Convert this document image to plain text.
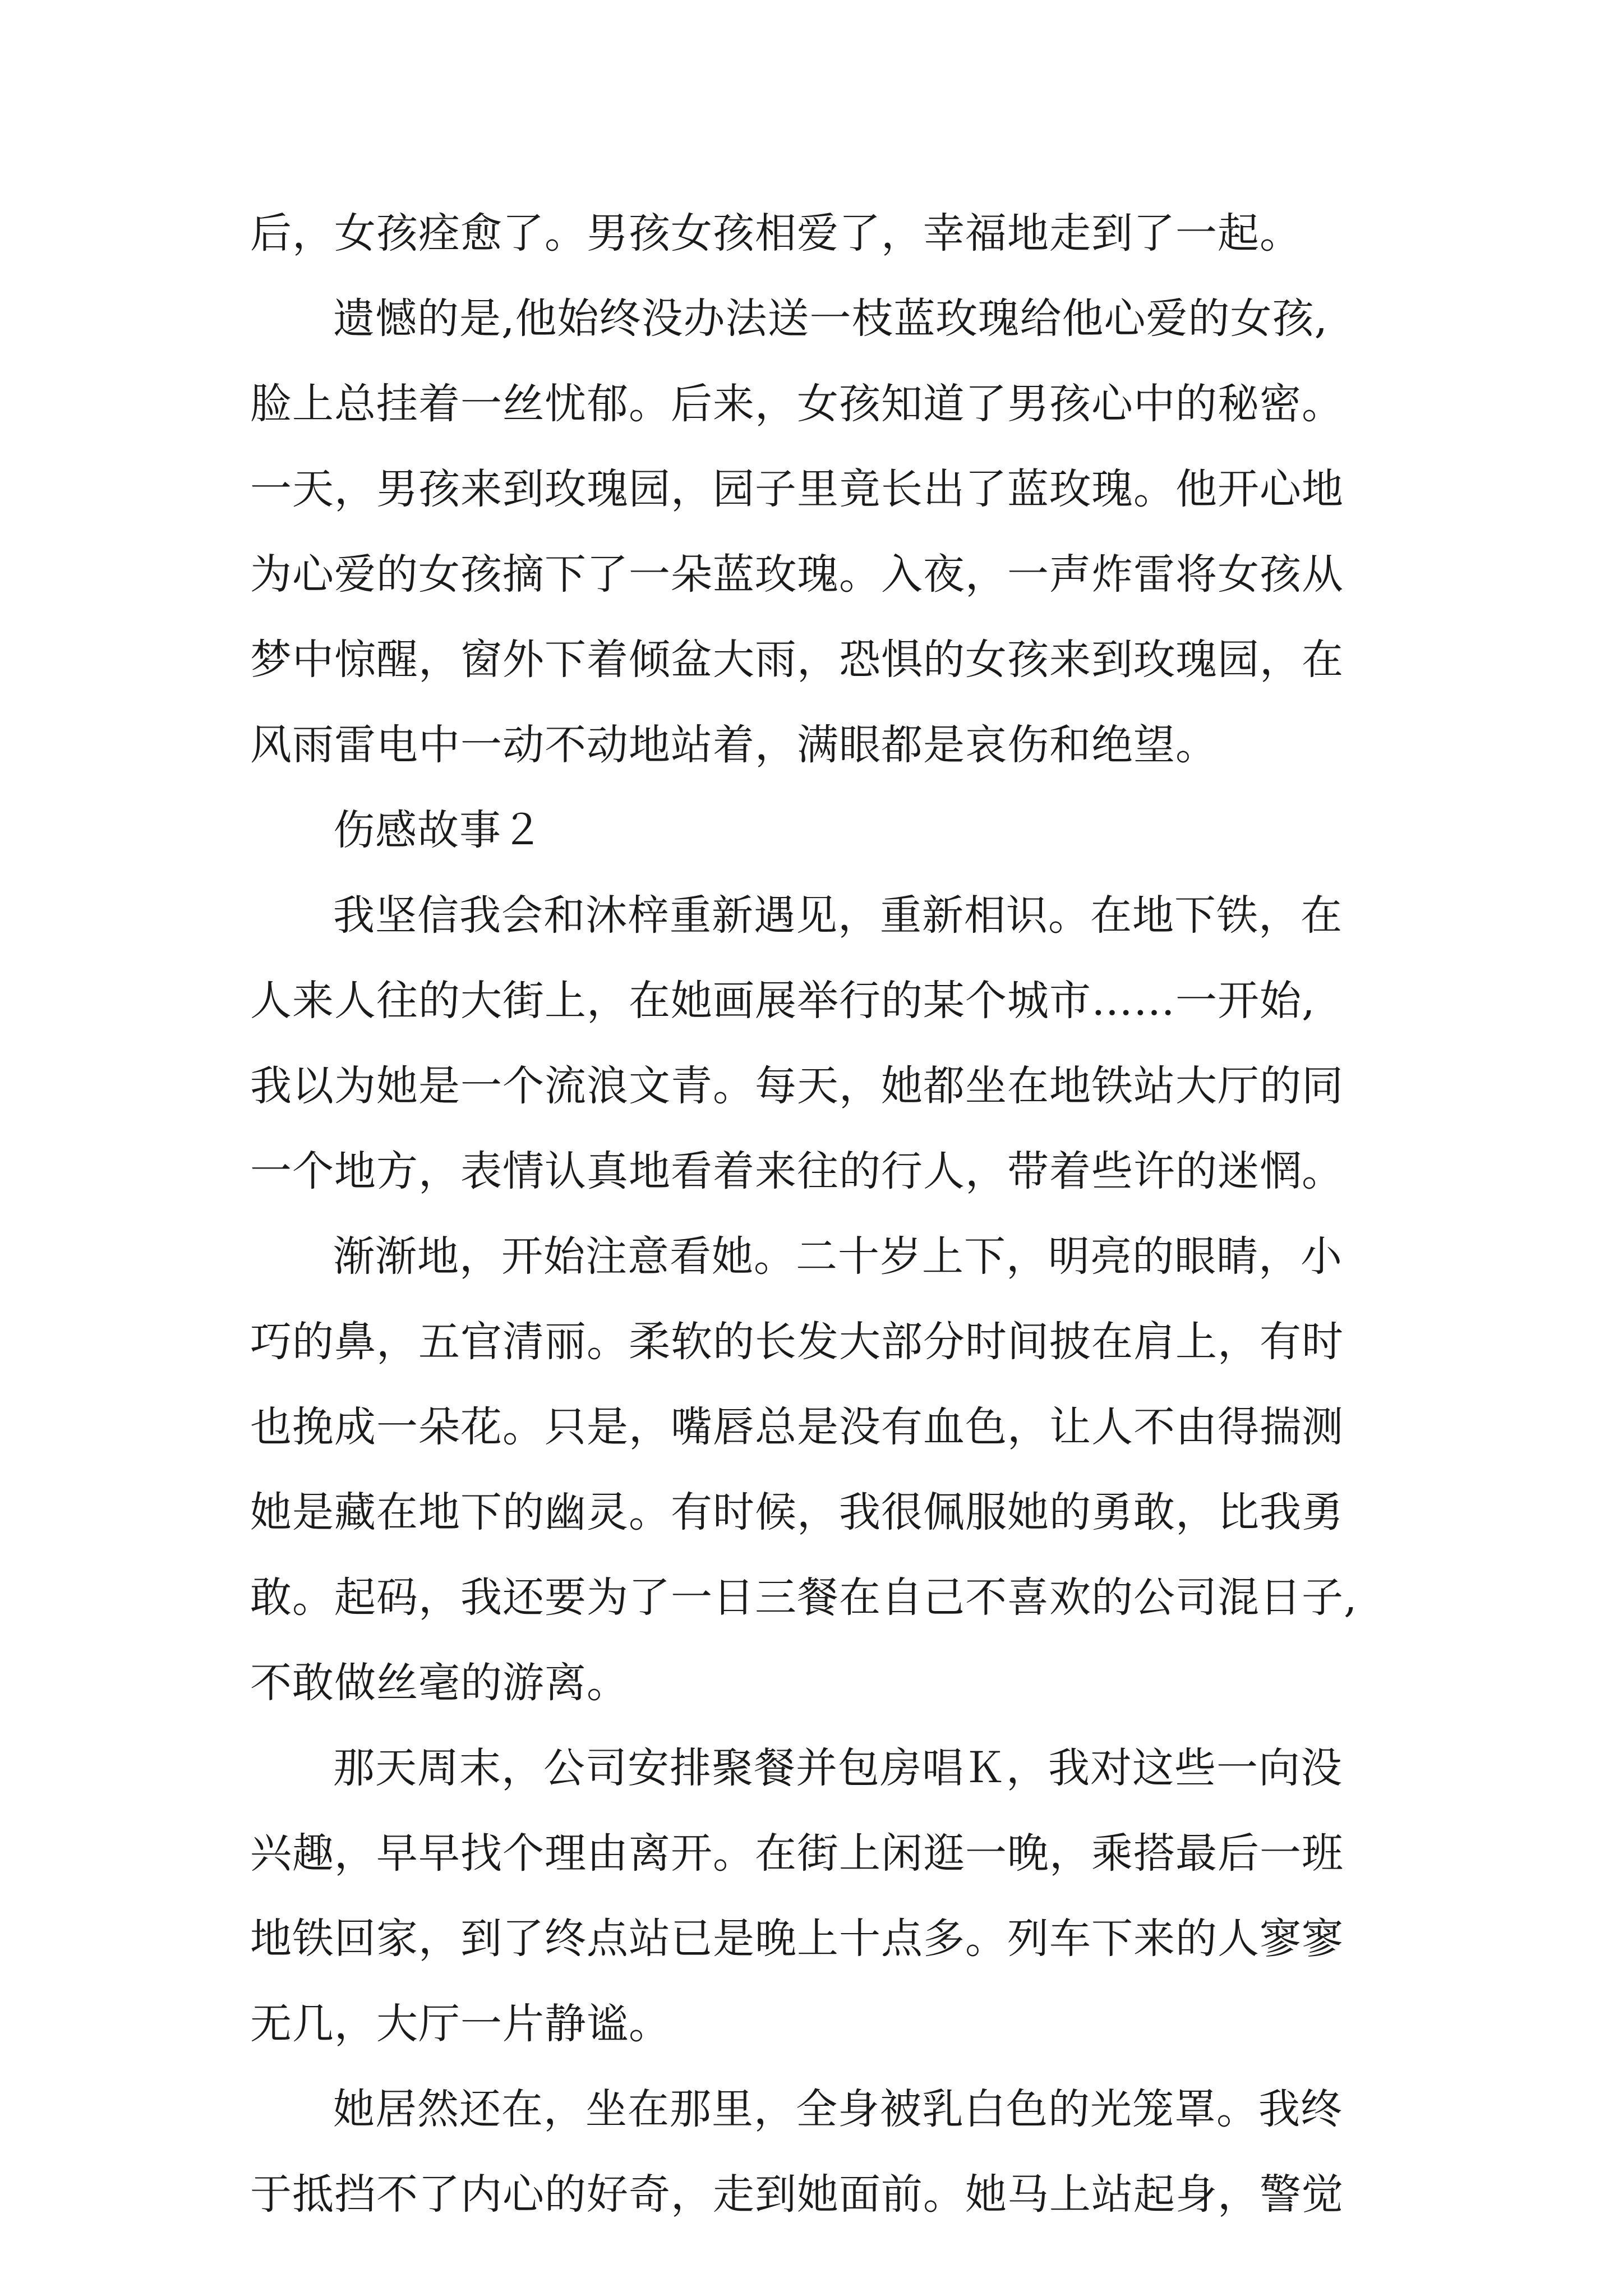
后，女孩痊愈了。男孩女孩相爱了，幸福地走到了一起。
遗憾的是,他始终没办法送一枝蓝玫瑰给他心爱的女孩,
脸上总挂着一丝忧郁。后来，女孩知道了男孩心中的秘密。
一天，男孩来到玫瑰园，园子里竟长出了蓝玫瑰。他开心地
为心爱的女孩摘下了一朵蓝玫瑰。入夜，一声炸雷将女孩从
梦中惊醒，窗外下着倾盆大雨，恐惧的女孩来到玫瑰园，在
风雨雷电中一动不动地站着，满眼都是哀伤和绝望。
伤感故事２
我坚信我会和沐梓重新遇见，重新相识。在地下铁，在
人来人往的大街上，在她画展举行的某个城市……一开始,
我以为她是一个流浪文青。每天，她都坐在地铁站大厅的同
一个地方，表情认真地看着来往的行人，带着些许的迷惘。
渐渐地，开始注意看她。二十岁上下，明亮的眼睛，小
巧的鼻，五官清丽。柔软的长发大部分时间披在肩上，有时
也挽成一朵花。只是，嘴唇总是没有血色，让人不由得揣测
她是藏在地下的幽灵。有时候，我很佩服她的勇敢，比我勇
敢。起码，我还要为了一日三餐在自己不喜欢的公司混日子,
不敢做丝毫的游离。
那天周末，公司安排聚餐并包房唱Ｋ，我对这些一向没
兴趣，早早找个理由离开。在街上闲逛一晚，乘搭最后一班
地铁回家，到了终点站已是晚上十点多。列车下来的人寥寥
无几，大厅一片静谧。
她居然还在，坐在那里，全身被乳白色的光笼罩。我终
于抵挡不了内心的好奇，走到她面前。她马上站起身，警觉
